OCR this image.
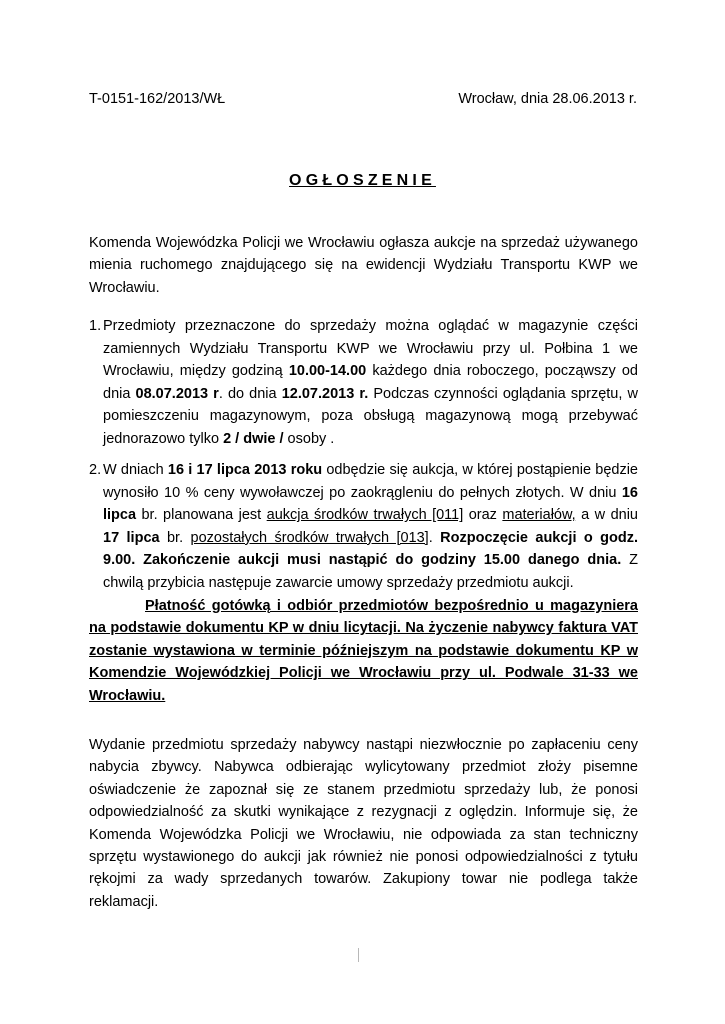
T-0151-162/2013/WŁ	Wrocław, dnia 28.06.2013 r.
OGŁOSZENIE

Komenda Wojewódzka Policji we Wrocławiu ogłasza aukcje na sprzedaż używanego mienia ruchomego znajdującego się na ewidencji Wydziału Transportu KWP we Wrocławiu.

1. Przedmioty przeznaczone do sprzedaży można oglądać w magazynie części zamiennych Wydziału Transportu KWP we Wrocławiu przy ul. Połbina 1 we Wrocławiu, między godziną 10.00-14.00 każdego dnia roboczego, począwszy od dnia 08.07.2013 r. do dnia 12.07.2013 r. Podczas czynności oglądania sprzętu, w pomieszczeniu magazynowym, poza obsługą magazynową mogą przebywać jednorazowo tylko 2 / dwie / osoby .
2. W dniach 16 i 17 lipca 2013 roku odbędzie się aukcja, w której postąpienie będzie wynosiło 10 % ceny wywoławczej po zaokrągleniu do pełnych złotych. W dniu 16 lipca br. planowana jest aukcja środków trwałych [011] oraz materiałów, a w dniu 17 lipca br. pozostałych środków trwałych [013]. Rozpoczęcie aukcji o godz. 9.00. Zakończenie aukcji musi nastąpić do godziny 15.00 danego dnia. Z chwilą przybicia następuje zawarcie umowy sprzedaży przedmiotu aukcji.
Płatność gotówką i odbiór przedmiotów bezpośrednio u magazyniera na podstawie dokumentu KP w dniu licytacji. Na życzenie nabywcy faktura VAT zostanie wystawiona w terminie późniejszym na podstawie dokumentu KP w Komendzie Wojewódzkiej Policji we Wrocławiu przy ul. Podwale 31-33 we Wrocławiu.

Wydanie przedmiotu sprzedaży nabywcy nastąpi niezwłocznie po zapłaceniu ceny nabycia zbywcy. Nabywca odbierając wylicytowany przedmiot złoży pisemne oświadczenie że zapoznał się ze stanem przedmiotu sprzedaży lub, że ponosi odpowiedzialność za skutki wynikające z rezygnacji z oględzin. Informuje się, że Komenda Wojewódzka Policji we Wrocławiu, nie odpowiada za stan techniczny sprzętu wystawionego do aukcji jak również nie ponosi odpowiedzialności z tytułu rękojmi za wady sprzedanych towarów. Zakupiony towar nie podlega także reklamacji.
